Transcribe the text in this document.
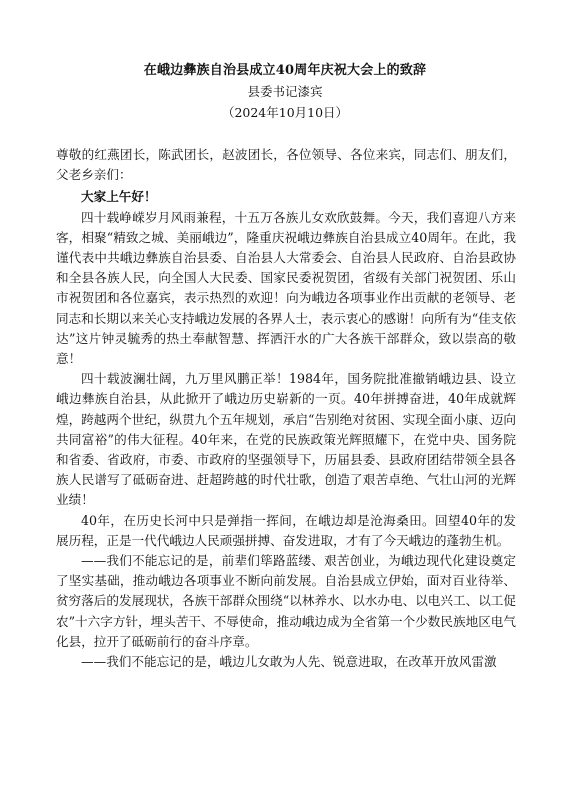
在峨边彝族自治县成立40周年庆祝大会上的致辞
县委书记漆宾
（2024年10月10日）

尊敬的红燕团长，陈武团长，赵波团长，各位领导、各位来宾，同志们、朋友们，父老乡亲们：

大家上午好！

四十载峥嵘岁月风雨兼程，十五万各族儿女欢欣鼓舞。今天，我们喜迎八方来客，相聚“精致之城、美丽峨边”，隆重庆祝峨边彝族自治县成立40周年。在此，我谨代表中共峨边彝族自治县委、自治县人大常委会、自治县人民政府、自治县政协和全县各族人民，向全国人大民委、国家民委祝贺团，省级有关部门祝贺团、乐山市祝贺团和各位嘉宾，表示热烈的欢迎！向为峨边各项事业作出贡献的老领导、老同志和长期以来关心支持峨边发展的各界人士，表示衷心的感谢！向所有为“佳支依达”这片钟灵毓秀的热土奉献智慧、挥洒汗水的广大各族干部群众，致以崇高的敬意！

四十载波澜壮阔，九万里风鹏正举！1984年，国务院批准撤销峨边县、设立峨边彝族自治县，从此掀开了峨边历史崭新的一页。40年拼搏奋进，40年成就辉煌，跨越两个世纪，纵贯九个五年规划，承启“告别绝对贫困、实现全面小康、迈向共同富裕”的伟大征程。40年来，在党的民族政策光辉照耀下，在党中央、国务院和省委、省政府，市委、市政府的坚强领导下，历届县委、县政府团结带领全县各族人民谱写了砥砺奋进、赶超跨越的时代壮歌，创造了艰苦卓绝、气壮山河的光辉业绩！

40年，在历史长河中只是弹指一挥间，在峨边却是沧海桑田。回望40年的发展历程，正是一代代峨边人民顽强拼搏、奋发进取，才有了今天峨边的蓬勃生机。

——我们不能忘记的是，前辈们筚路蓝缕、艰苦创业，为峨边现代化建设奠定了坚实基础，推动峨边各项事业不断向前发展。自治县成立伊始，面对百业待举、贫穷落后的发展现状，各族干部群众围绕“以林养水、以水办电、以电兴工、以工促农”十六字方针，埋头苦干、不辱使命，推动峨边成为全省第一个少数民族地区电气化县，拉开了砥砺前行的奋斗序章。

——我们不能忘记的是，峨边儿女敢为人先、锐意进取，在改革开放风雷激
